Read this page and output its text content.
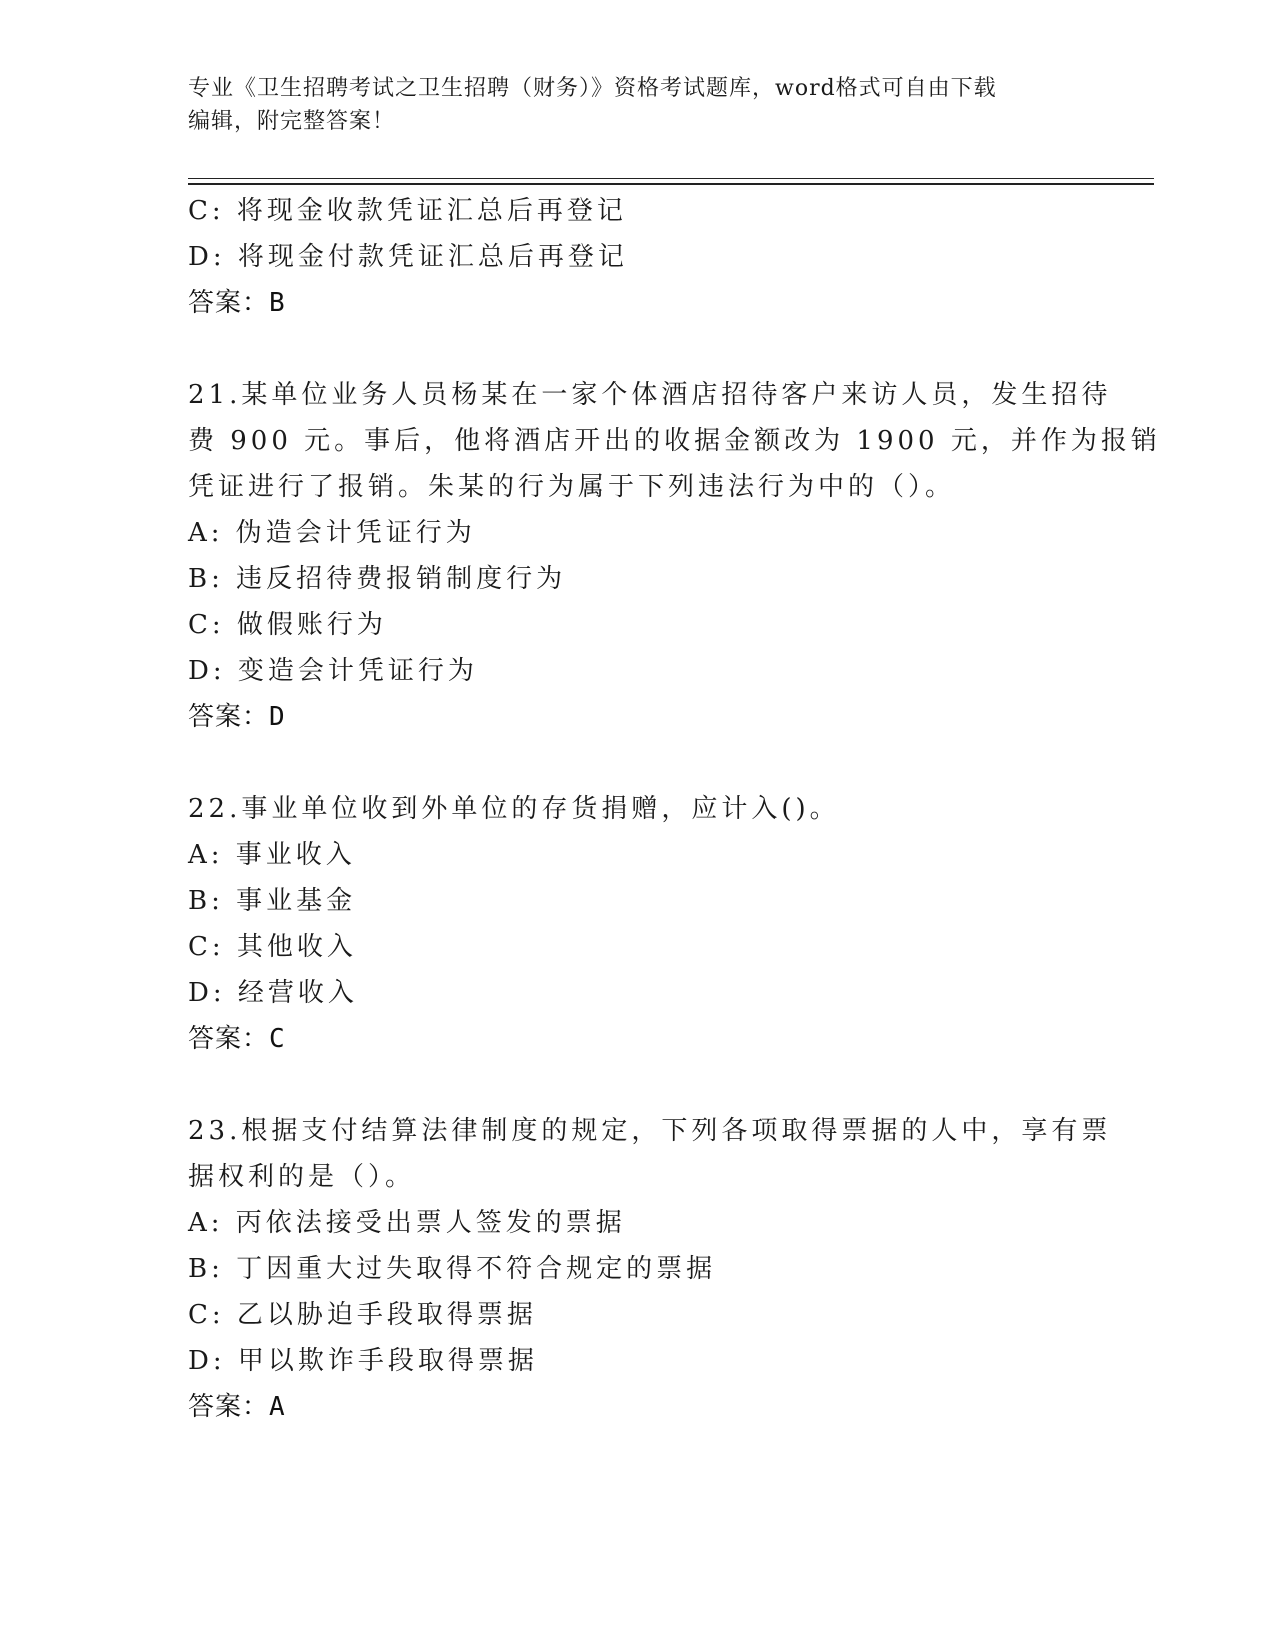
专业《卫生招聘考试之卫生招聘（财务）》资格考试题库，word格式可自由下载
编辑，附完整答案！
C: 将现金收款凭证汇总后再登记
D: 将现金付款凭证汇总后再登记
答案：B
21.某单位业务人员杨某在一家个体酒店招待客户来访人员，发生招待
费 900 元。事后，他将酒店开出的收据金额改为 1900 元，并作为报销
凭证进行了报销。朱某的行为属于下列违法行为中的（）。
A: 伪造会计凭证行为
B: 违反招待费报销制度行为
C: 做假账行为
D: 变造会计凭证行为
答案：D
22.事业单位收到外单位的存货捐赠，应计入()。
A: 事业收入
B: 事业基金
C: 其他收入
D: 经营收入
答案：C
23.根据支付结算法律制度的规定，下列各项取得票据的人中，享有票
据权利的是（）。
A: 丙依法接受出票人签发的票据
B: 丁因重大过失取得不符合规定的票据
C: 乙以胁迫手段取得票据
D: 甲以欺诈手段取得票据
答案：A
